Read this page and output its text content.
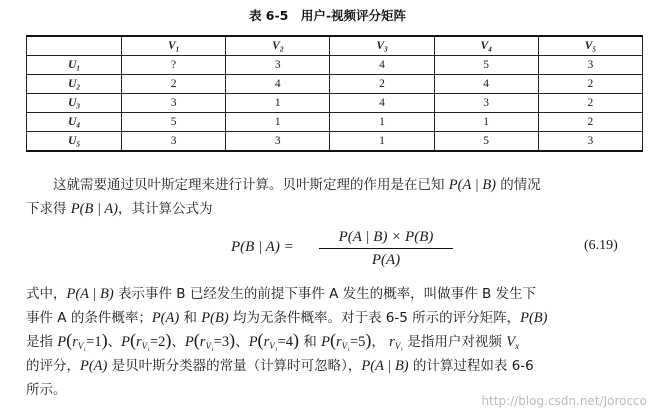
表 6-5　用户-视频评分矩阵
	$V_1$	$V_2$	$V_3$	$V_4$	$V_5$
$U_1$	?	3	4	5	3
$U_2$	2	4	2	4	2
$U_3$	3	1	4	3	2
$U_4$	5	1	1	1	2
$U_5$	3	3	1	5	3

这就需要通过贝叶斯定理来进行计算。贝叶斯定理的作用是在已知 P(A | B) 的情况
下求得 P(B | A)，其计算公式为

P(B | A) =
P(A | B) × P(B)
P(A)
(6.19)

式中，P(A | B) 表示事件 B 已经发生的前提下事件 A 发生的概率，叫做事件 B 发生下
事件 A 的条件概率；P(A) 和 P(B) 均为无条件概率。对于表 6-5 所示的评分矩阵，P(B)
是指 $P(r_{V_1}=1)$、$P(r_{V_1}=2)$、$P(r_{V_1}=3)$、$P(r_{V_1}=4)$ 和 $P(r_{V_1}=5)$， $r_{V_1}$ 是指用户对视频 $V_x$
的评分，P(A) 是贝叶斯分类器的常量（计算时可忽略），P(A | B) 的计算过程如表 6-6
所示。

http://blog.csdn.net/Jorocco
